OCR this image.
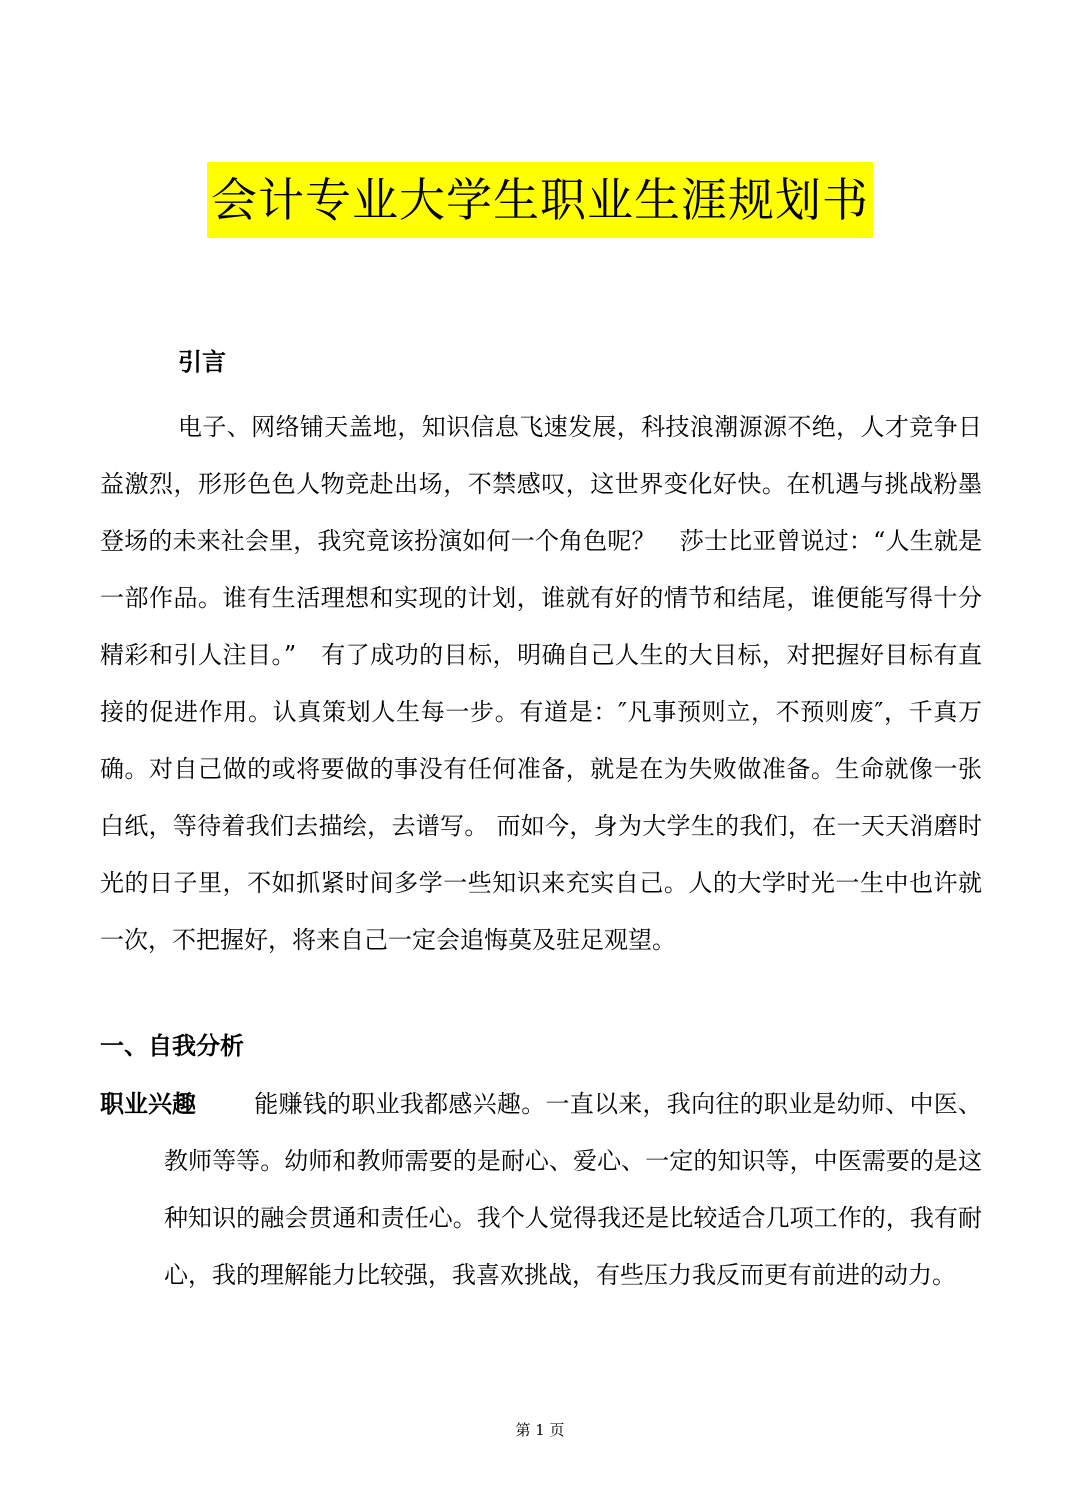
会计专业大学生职业生涯规划书
引言

电子、网络铺天盖地，知识信息飞速发展，科技浪潮源源不绝，人才竞争日益激烈，形形色色人物竞赴出场，不禁感叹，这世界变化好快。在机遇与挑战粉墨登场的未来社会里，我究竟该扮演如何一个角色呢？　莎士比亚曾说过：“人生就是一部作品。谁有生活理想和实现的计划，谁就有好的情节和结尾，谁便能写得十分精彩和引人注目。”　有了成功的目标，明确自己人生的大目标，对把握好目标有直接的促进作用。认真策划人生每一步。有道是：″凡事预则立，不预则废″，千真万确。对自己做的或将要做的事没有任何准备，就是在为失败做准备。生命就像一张白纸，等待着我们去描绘，去谱写。 而如今，身为大学生的我们，在一天天消磨时光的日子里，不如抓紧时间多学一些知识来充实自己。人的大学时光一生中也许就一次，不把握好，将来自己一定会追悔莫及驻足观望。

一、自我分析

职业兴趣 能赚钱的职业我都感兴趣。一直以来，我向往的职业是幼师、中医、教师等等。幼师和教师需要的是耐心、爱心、一定的知识等，中医需要的是这种知识的融会贯通和责任心。我个人觉得我还是比较适合几项工作的，我有耐心，我的理解能力比较强，我喜欢挑战，有些压力我反而更有前进的动力。

第 1 页
